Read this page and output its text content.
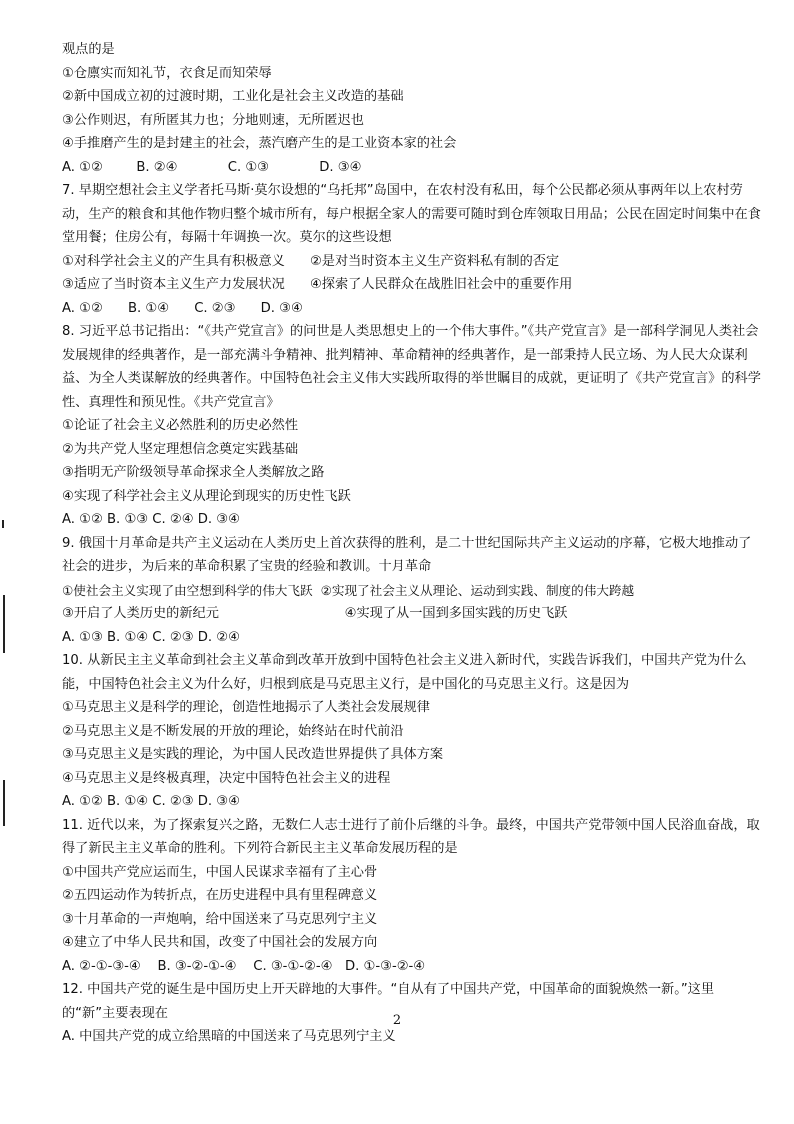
观点的是
①仓廪实而知礼节，衣食足而知荣辱
②新中国成立初的过渡时期，工业化是社会主义改造的基础
③公作则迟，有所匿其力也；分地则速，无所匿迟也
④手推磨产生的是封建主的社会，蒸汽磨产生的是工业资本家的社会
A. ①②        B. ②④            C. ①③            D. ③④
7. 早期空想社会主义学者托马斯·莫尔设想的“乌托邦”岛国中，在农村没有私田，每个公民都必须从事两年以上农村劳动，生产的粮食和其他作物归整个城市所有，每户根据全家人的需要可随时到仓库领取日用品；公民在固定时间集中在食堂用餐；住房公有，每隔十年调换一次。莫尔的这些设想
①对科学社会主义的产生具有积极意义      ②是对当时资本主义生产资料私有制的否定
③适应了当时资本主义生产力发展状况      ④探索了人民群众在战胜旧社会中的重要作用
A. ①②      B. ①④      C. ②③      D. ③④
8. 习近平总书记指出：“《共产党宣言》的问世是人类思想史上的一个伟大事件。”《共产党宣言》是一部科学洞见人类社会发展规律的经典著作，是一部充满斗争精神、批判精神、革命精神的经典著作，是一部秉持人民立场、为人民大众谋利益、为全人类谋解放的经典著作。中国特色社会主义伟大实践所取得的举世瞩目的成就，更证明了《共产党宣言》的科学性、真理性和预见性。《共产党宣言》
①论证了社会主义必然胜利的历史必然性
②为共产党人坚定理想信念奠定实践基础
③指明无产阶级领导革命探求全人类解放之路
④实现了科学社会主义从理论到现实的历史性飞跃
A. ①② B. ①③ C. ②④ D. ③④
9. 俄国十月革命是共产主义运动在人类历史上首次获得的胜利，是二十世纪国际共产主义运动的序幕，它极大地推动了社会的进步，为后来的革命积累了宝贵的经验和教训。十月革命
①使社会主义实现了由空想到科学的伟大飞跃  ②实现了社会主义从理论、运动到实践、制度的伟大跨越
③开启了人类历史的新纪元                              ④实现了从一国到多国实践的历史飞跃
A. ①③ B. ①④ C. ②③ D. ②④
10. 从新民主主义革命到社会主义革命到改革开放到中国特色社会主义进入新时代，实践告诉我们，中国共产党为什么能，中国特色社会主义为什么好，归根到底是马克思主义行，是中国化的马克思主义行。这是因为
①马克思主义是科学的理论，创造性地揭示了人类社会发展规律
②马克思主义是不断发展的开放的理论，始终站在时代前沿
③马克思主义是实践的理论，为中国人民改造世界提供了具体方案
④马克思主义是终极真理，决定中国特色社会主义的进程
A. ①② B. ①④ C. ②③ D. ③④
11. 近代以来，为了探索复兴之路，无数仁人志士进行了前仆后继的斗争。最终，中国共产党带领中国人民浴血奋战，取得了新民主主义革命的胜利。下列符合新民主主义革命发展历程的是
①中国共产党应运而生，中国人民谋求幸福有了主心骨
②五四运动作为转折点，在历史进程中具有里程碑意义
③十月革命的一声炮响，给中国送来了马克思列宁主义
④建立了中华人民共和国，改变了中国社会的发展方向
A. ②-①-③-④    B. ③-②-①-④    C. ③-①-②-④   D. ①-③-②-④
12. 中国共产党的诞生是中国历史上开天辟地的大事件。“自从有了中国共产党，中国革命的面貌焕然一新。”这里的“新”主要表现在
A. 中国共产党的成立给黑暗的中国送来了马克思列宁主义
2
